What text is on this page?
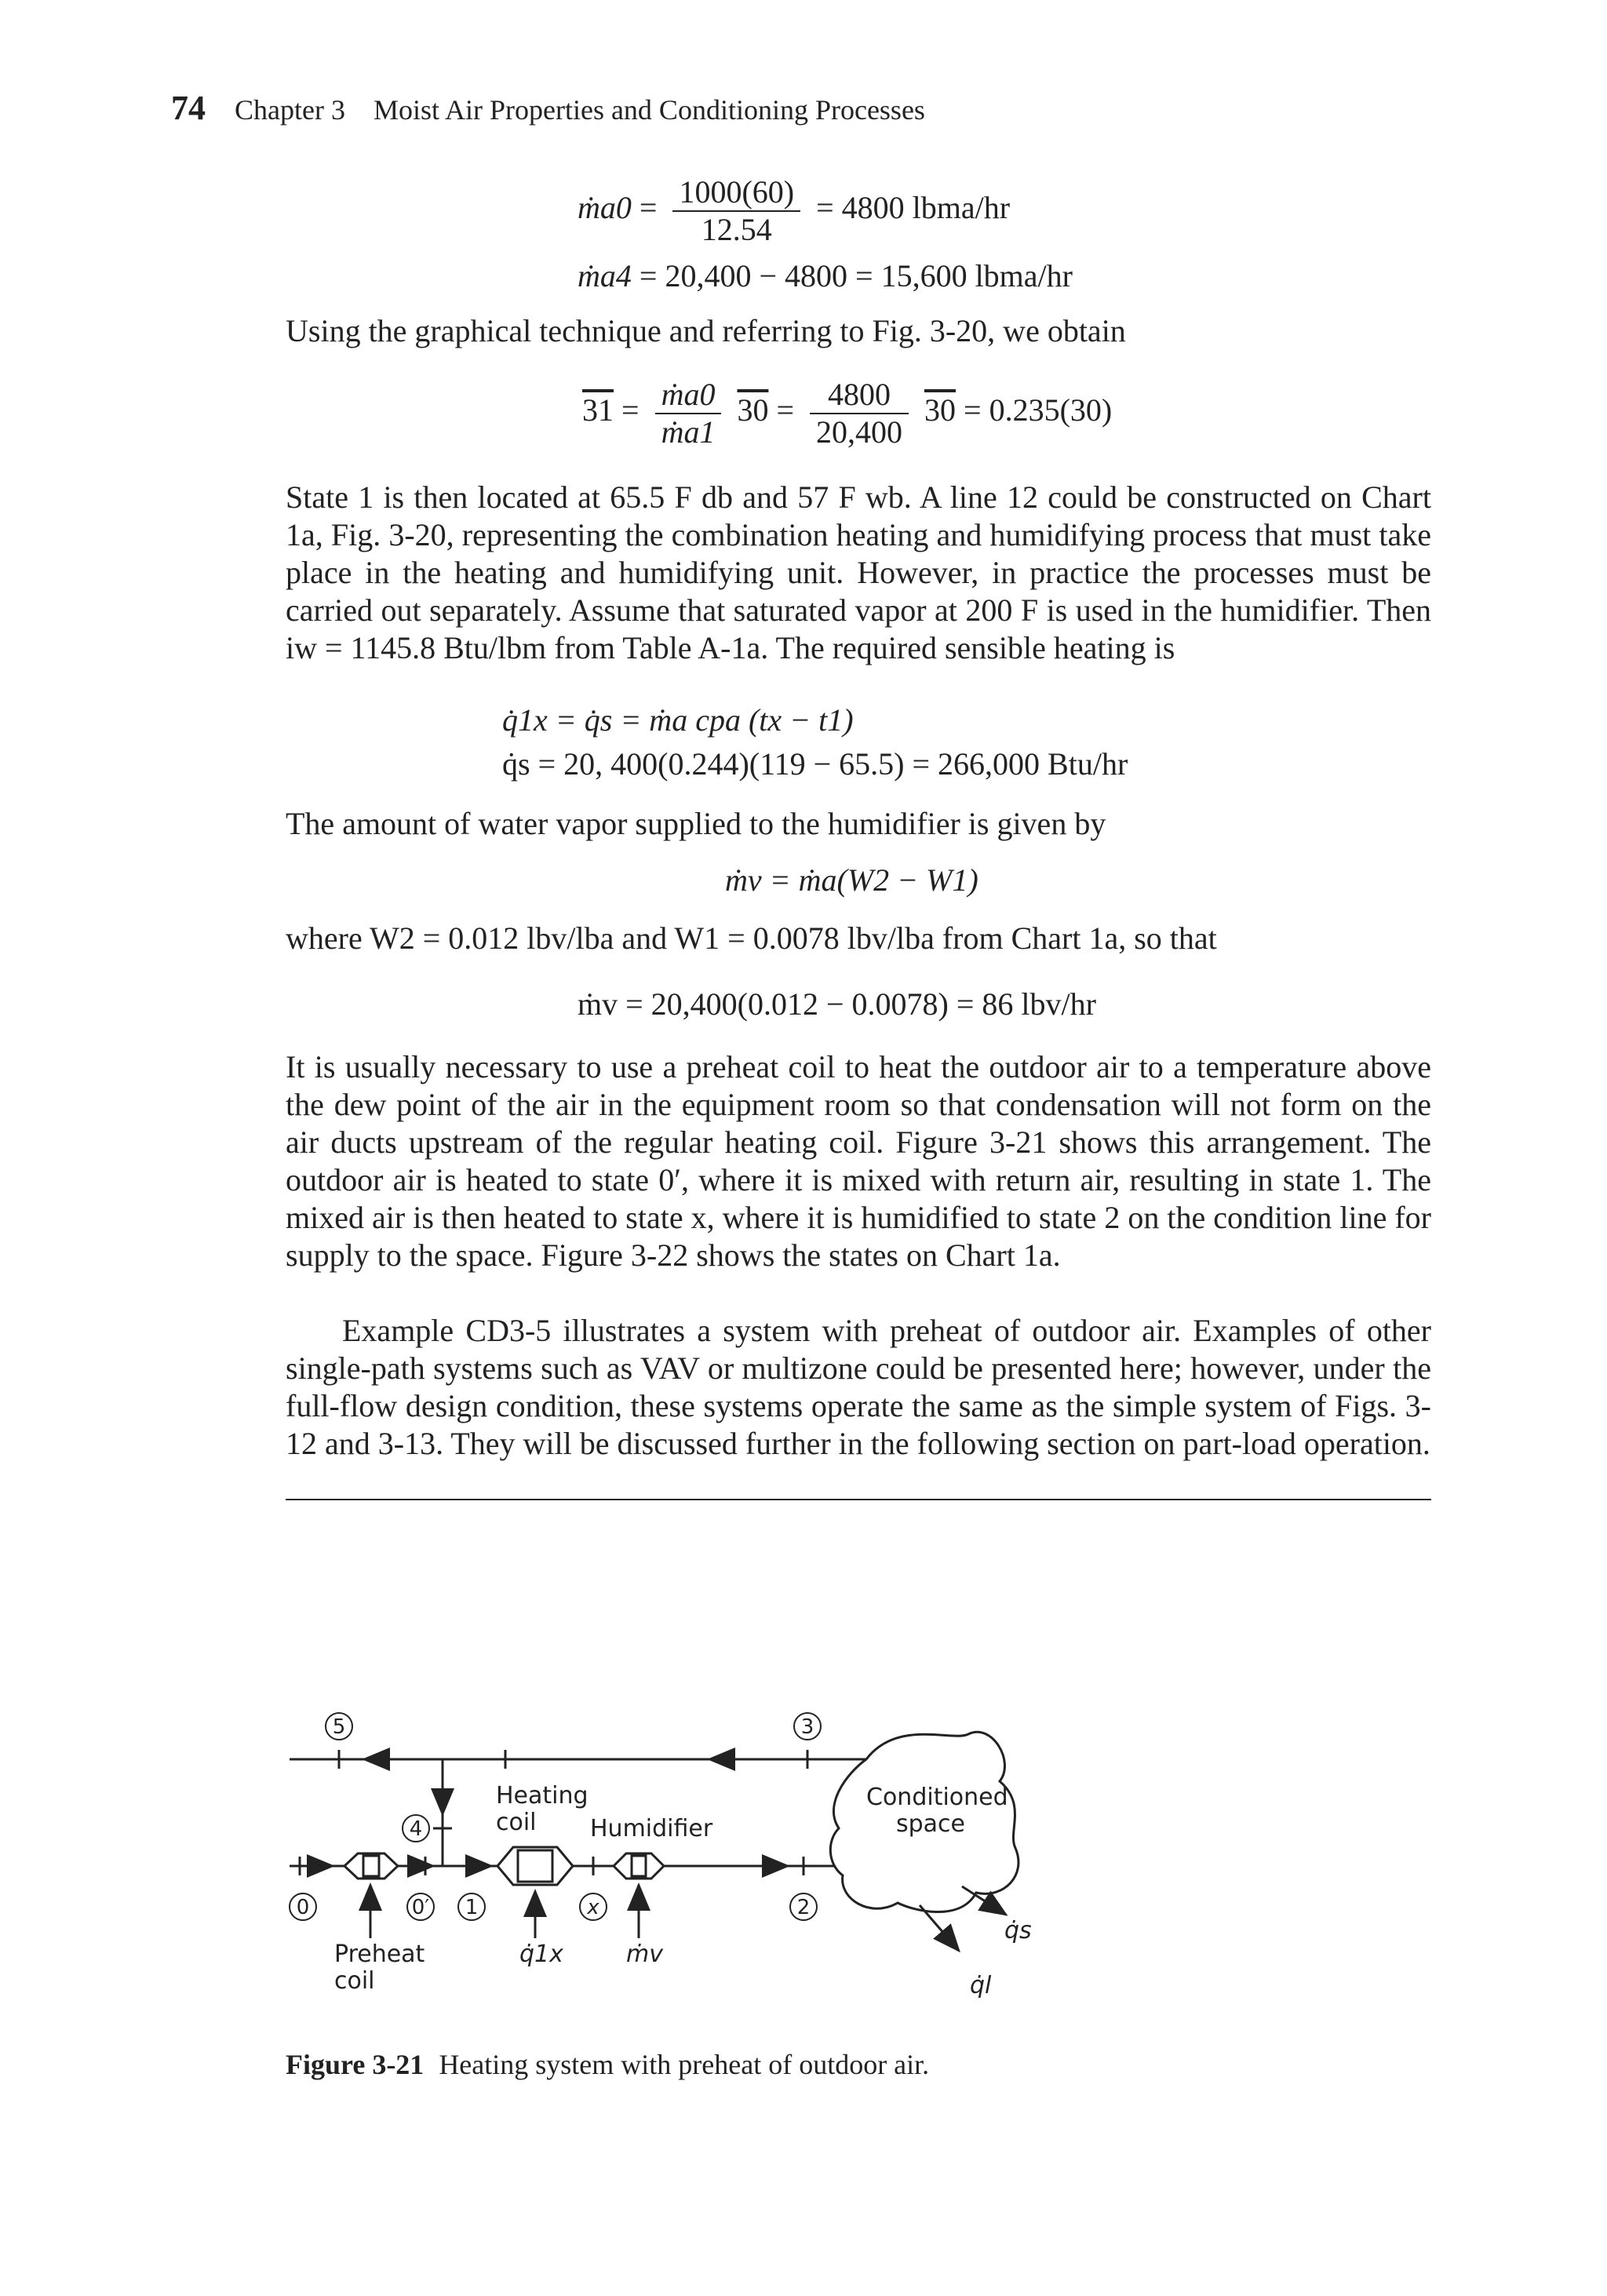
74 Chapter 3    Moist Air Properties and Conditioning Processes
ṁa0 = $\frac{1000(60)}{12.54} = 4800$ lbma/hr
ṁa4 = 20,400 − 4800 = 15,600 lbma/hr

Using the graphical technique and referring to Fig. 3-20, we obtain

$31 = \frac{\text{ṁa0}}{\text{ṁa1}} 30 = \frac{4800}{20,400} 30 = 0.235(30)$

State 1 is then located at 65.5 F db and 57 F wb. A line 12 could be constructed on Chart 1a, Fig. 3-20, representing the combination heating and humidifying process that must take place in the heating and humidifying unit. However, in practice the processes must be carried out separately. Assume that saturated vapor at 200 F is used in the humidifier. Then iw = 1145.8 Btu/lbm from Table A-1a. The required sensible heating is

q̇1x = q̇s = ṁa cpa (tx − t1)
q̇s = 20, 400(0.244)(119 − 65.5) = 266,000 Btu/hr

The amount of water vapor supplied to the humidifier is given by

ṁv = ṁa(W2 − W1)

where W2 = 0.012 lbv/lba and W1 = 0.0078 lbv/lba from Chart 1a, so that

ṁv = 20,400(0.012 − 0.0078) = 86 lbv/hr

It is usually necessary to use a preheat coil to heat the outdoor air to a temperature above the dew point of the air in the equipment room so that condensation will not form on the air ducts upstream of the regular heating coil. Figure 3-21 shows this arrangement. The outdoor air is heated to state 0′, where it is mixed with return air, resulting in state 1. The mixed air is then heated to state x, where it is humidified to state 2 on the condition line for supply to the space. Figure 3-22 shows the states on Chart 1a.

Example CD3-5 illustrates a system with preheat of outdoor air. Examples of other single-path systems such as VAV or multizone could be presented here; however, under the full-flow design condition, these systems operate the same as the simple system of Figs. 3-12 and 3-13. They will be discussed further in the following section on part-load operation.

5	3
4
0	0′ 1	x	2
Heating
coil Humidifier
Conditioned
space
Preheat
coil
q̇1x	ṁv
q̇s
q̇l
Figure 3-21 Heating system with preheat of outdoor air.
